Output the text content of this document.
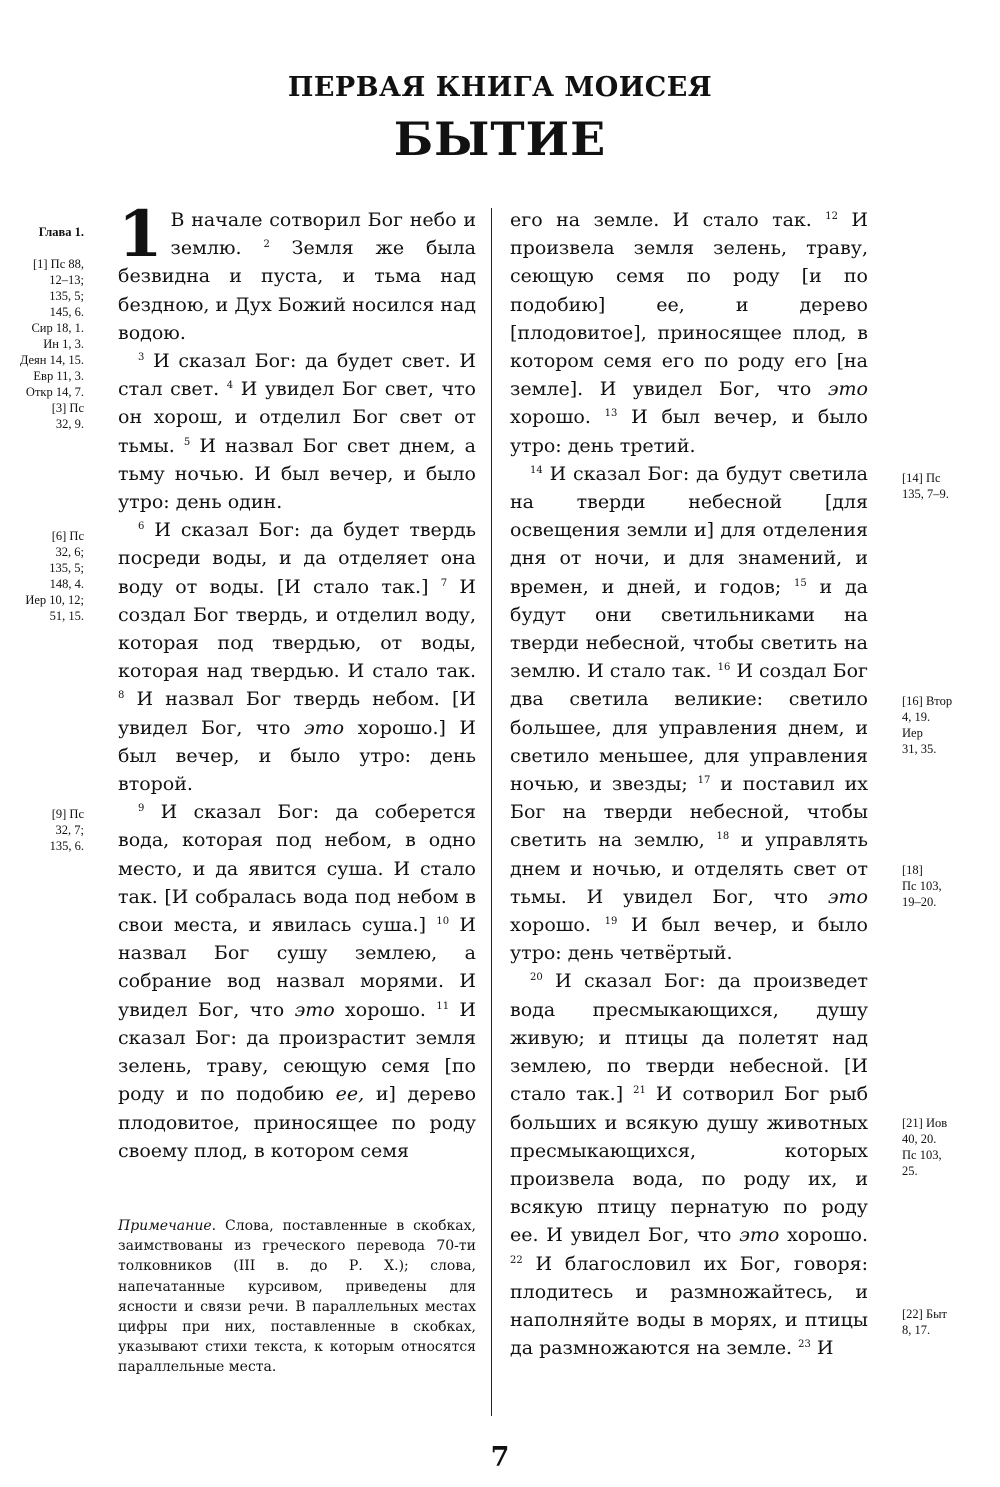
ПЕРВАЯ КНИГА МОИСЕЯ
БЫТИЕ

Глава 1.

[1] Пс 88,
12–13;
135, 5;
145, 6.
Сир 18, 1.
Ин 1, 3.
Деян 14, 15.
Евр 11, 3.
Откр 14, 7.
[3] Пс
32, 9.

[6] Пс
32, 6;
135, 5;
148, 4.
Иер 10, 12;
51, 15.
[9] Пс
32, 7;
135, 6.
[14] Пс
135, 7–9.
[16] Втор
4, 19.
Иер
31, 35.
[18]
Пс 103,
19–20.
[21] Иов
40, 20.
Пс 103,
25.
[22] Быт
8, 17.

1 В начале сотворил Бог небо и землю. $^2$ Земля же была безвидна и пуста, и тьма над бездною, и Дух Божий носился над водою.

$^3$ И сказал Бог: да будет свет. И стал свет. $^4$ И увидел Бог свет, что он хорош, и отделил Бог свет от тьмы. $^5$ И назвал Бог свет днем, а тьму ночью. И был вечер, и было утро: день один.

$^6$ И сказал Бог: да будет твердь посреди воды, и да отделяет она воду от воды. [И стало так.] $^7$ И создал Бог твердь, и отделил воду, которая под твердью, от воды, которая над твердью. И стало так. $^8$ И назвал Бог твердь небом. [И увидел Бог, что это хорошо.] И был вечер, и было утро: день второй.

$^9$ И сказал Бог: да соберется вода, которая под небом, в одно место, и да явится суша. И стало так. [И собралась вода под небом в свои места, и явилась суша.] $^{10}$ И назвал Бог сушу землею, а собрание вод назвал морями. И увидел Бог, что это хорошо. $^{11}$ И сказал Бог: да произрастит земля зелень, траву, сеющую семя [по роду и по подобию ее, и] дерево плодовитое, приносящее по роду своему плод, в котором семя

Примечание. Слова, поставленные в скобках, заимствованы из греческого перевода 70-ти толковников (III в. до Р. Х.); слова, напечатанные курсивом, приведены для ясности и связи речи. В параллельных местах цифры при них, поставленные в скобках, указывают стихи текста, к которым относятся параллельные места.

его на земле. И стало так. $^{12}$ И произвела земля зелень, траву, сеющую семя по роду [и по подобию] ее, и дерево [плодовитое], приносящее плод, в котором семя его по роду его [на земле]. И увидел Бог, что это хорошо. $^{13}$ И был вечер, и было утро: день третий.

$^{14}$ И сказал Бог: да будут светила на тверди небесной [для освещения земли и] для отделения дня от ночи, и для знамений, и времен, и дней, и годов; $^{15}$ и да будут они светильниками на тверди небесной, чтобы светить на землю. И стало так. $^{16}$ И создал Бог два светила великие: светило большее, для управления днем, и светило меньшее, для управления ночью, и звезды; $^{17}$ и поставил их Бог на тверди небесной, чтобы светить на землю, $^{18}$ и управлять днем и ночью, и отделять свет от тьмы. И увидел Бог, что это хорошо. $^{19}$ И был вечер, и было утро: день четвёртый.

$^{20}$ И сказал Бог: да произведет вода пресмыкающихся, душу живую; и птицы да полетят над землею, по тверди небесной. [И стало так.] $^{21}$ И сотворил Бог рыб больших и всякую душу животных пресмыкающихся, которых произвела вода, по роду их, и всякую птицу пернатую по роду ее. И увидел Бог, что это хорошо. $^{22}$ И благословил их Бог, говоря: плодитесь и размножайтесь, и наполняйте воды в морях, и птицы да размножаются на земле. $^{23}$ И

7
